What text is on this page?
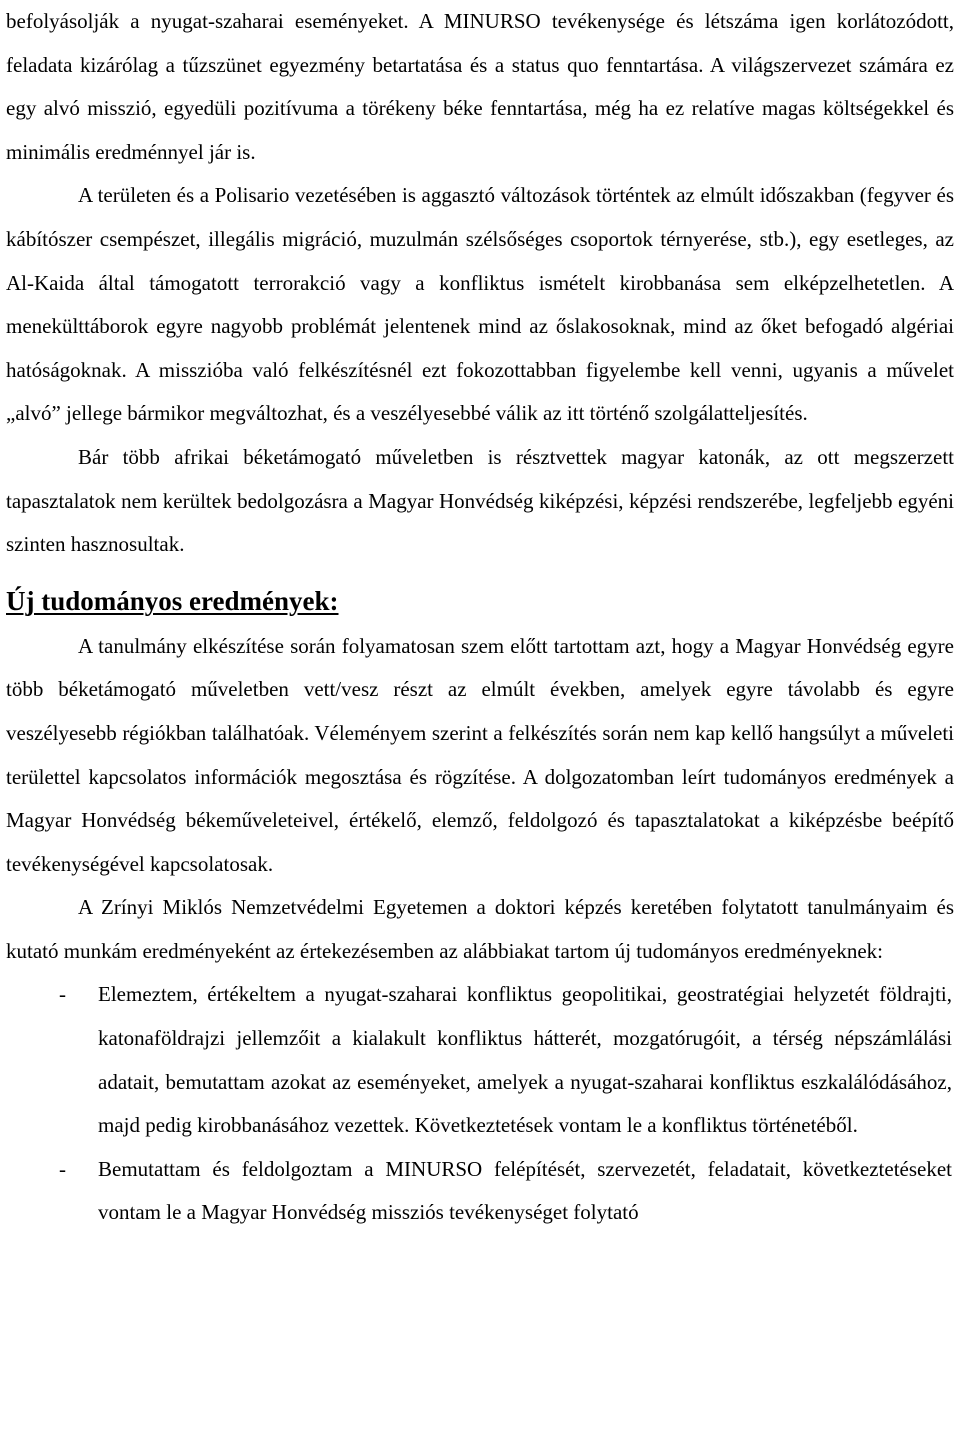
befolyásolják a nyugat-szaharai eseményeket. A MINURSO tevékenysége és létszáma igen korlátozódott, feladata kizárólag a tűzszünet egyezmény betartatása és a status quo fenntartása. A világszervezet számára ez egy alvó misszió, egyedüli pozitívuma a törékeny béke fenntartása, még ha ez relatíve magas költségekkel és minimális eredménnyel jár is.

A területen és a Polisario vezetésében is aggasztó változások történtek az elmúlt időszakban (fegyver és kábítószer csempészet, illegális migráció, muzulmán szélsőséges csoportok térnyerése, stb.), egy esetleges, az Al-Kaida által támogatott terrorakció vagy a konfliktus ismételt kirobbanása sem elképzelhetetlen. A menekülttáborok egyre nagyobb problémát jelentenek mind az őslakosoknak, mind az őket befogadó algériai hatóságoknak. A misszióba való felkészítésnél ezt fokozottabban figyelembe kell venni, ugyanis a művelet „alvó” jellege bármikor megváltozhat, és a veszélyesebbé válik az itt történő szolgálatteljesítés.

Bár több afrikai béketámogató műveletben is résztvettek magyar katonák, az ott megszerzett tapasztalatok nem kerültek bedolgozásra a Magyar Honvédség kiképzési, képzési rendszerébe, legfeljebb egyéni szinten hasznosultak.

Új tudományos eredmények:

A tanulmány elkészítése során folyamatosan szem előtt tartottam azt, hogy a Magyar Honvédség egyre több béketámogató műveletben vett/vesz részt az elmúlt években, amelyek egyre távolabb és egyre veszélyesebb régiókban találhatóak. Véleményem szerint a felkészítés során nem kap kellő hangsúlyt a műveleti területtel kapcsolatos információk megosztása és rögzítése. A dolgozatomban leírt tudományos eredmények a Magyar Honvédség békeműveleteivel, értékelő, elemző, feldolgozó és tapasztalatokat a kiképzésbe beépítő tevékenységével kapcsolatosak.

A Zrínyi Miklós Nemzetvédelmi Egyetemen a doktori képzés keretében folytatott tanulmányaim és kutató munkám eredményeként az értekezésemben az alábbiakat tartom új tudományos eredményeknek:

-	Elemeztem, értékeltem a nyugat-szaharai konfliktus geopolitikai, geostratégiai helyzetét földrajti, katonaföldrajzi jellemzőit a kialakult konfliktus hátterét, mozgatórugóit, a térség népszámlálási adatait, bemutattam azokat az eseményeket, amelyek a nyugat-szaharai konfliktus eszkalálódásához, majd pedig kirobbanásához vezettek. Következtetések vontam le a konfliktus történetéből.
-	Bemutattam és feldolgoztam a MINURSO felépítését, szervezetét, feladatait, következtetéseket vontam le a Magyar Honvédség missziós tevékenységet folytató
